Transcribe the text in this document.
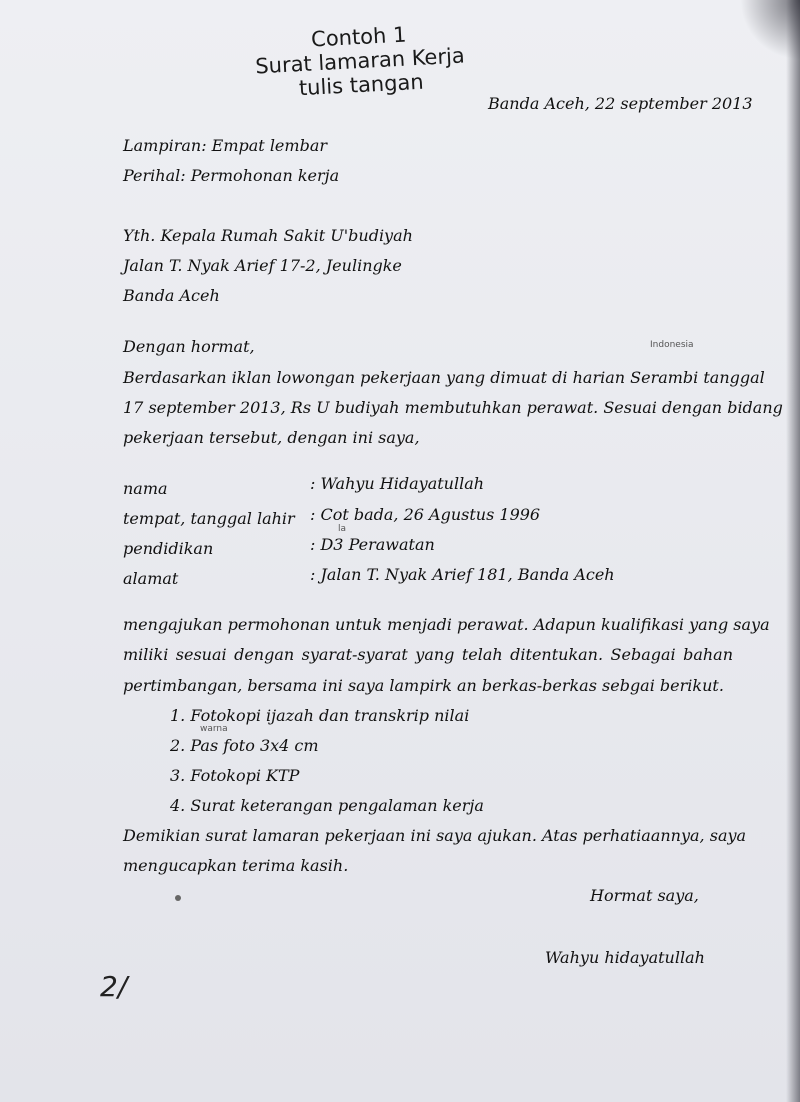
Contoh 1
Surat lamaran Kerja
tulis tangan
Banda Aceh, 22 september 2013
Lampiran: Empat lembar
Perihal: Permohonan kerja
Yth. Kepala Rumah Sakit U'budiyah
Jalan T. Nyak Arief 17-2, Jeulingke
Banda Aceh
Dengan hormat,	Indonesia
Berdasarkan iklan lowongan pekerjaan yang dimuat di harian Serambi tanggal
17 september 2013, Rs U budiyah membutuhkan perawat. Sesuai dengan bidang
pekerjaan tersebut, dengan ini saya,
nama	: Wahyu Hidayatullah
tempat, tanggal lahir : Cot bada, 26 Agustus 1996
pendidikan	: D3 Perawatan
la
alamat	: Jalan T. Nyak Arief 181, Banda Aceh
mengajukan permohonan untuk menjadi perawat. Adapun kualifikasi yang saya
miliki sesuai dengan syarat-syarat yang telah ditentukan. Sebagai bahan
pertimbangan, bersama ini saya lampirk an berkas-berkas sebgai berikut.
1. Fotokopi ijazah dan transkrip nilai
2. Pas foto 3x4 cm
warna
3. Fotokopi KTP
4. Surat keterangan pengalaman kerja
Demikian surat lamaran pekerjaan ini saya ajukan. Atas perhatiaannya, saya
mengucapkan terima kasih.
Hormat saya,
Wahyu hidayatullah
2/
